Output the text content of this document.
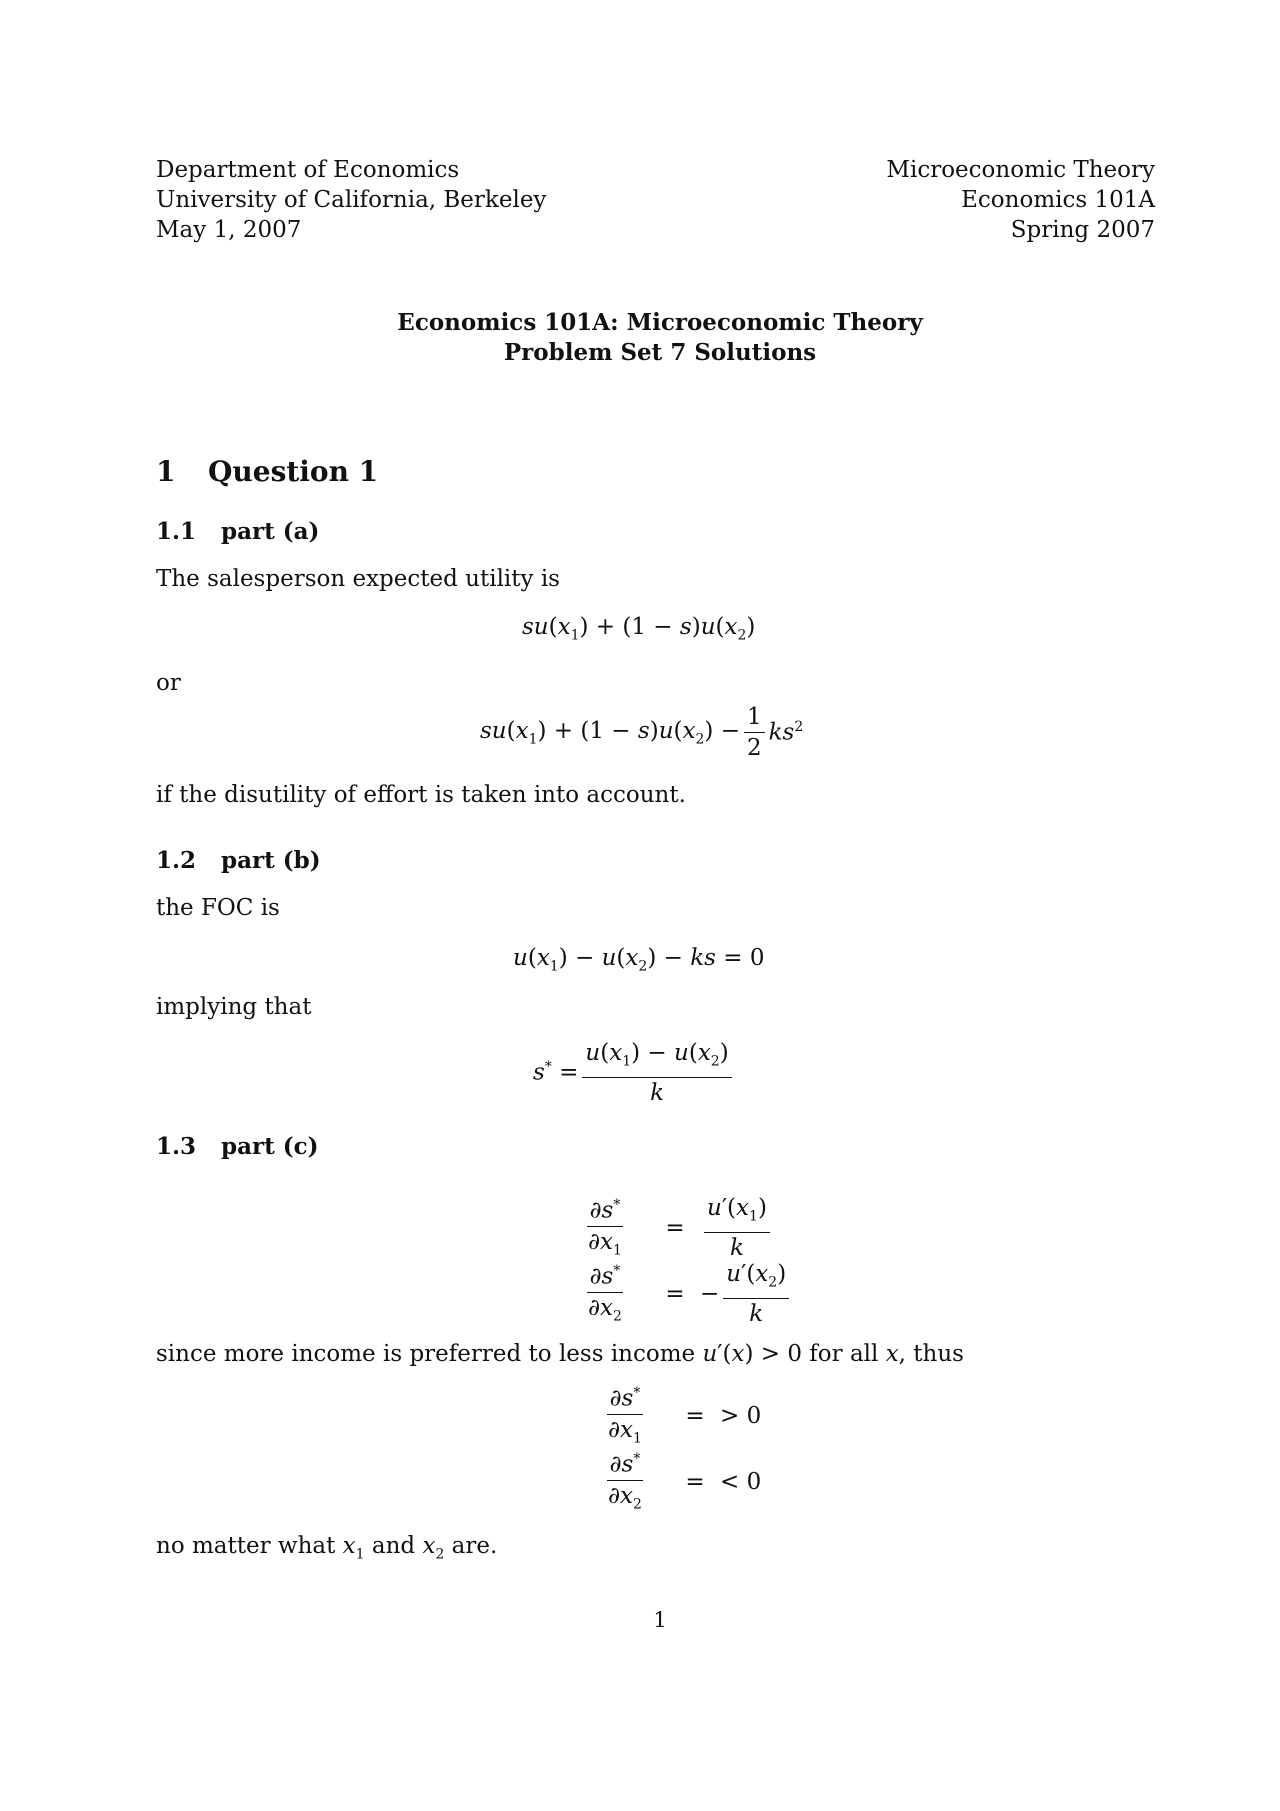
Department of Economics
University of California, Berkeley
May 1, 2007
Microeconomic Theory
Economics 101A
Spring 2007
Economics 101A: Microeconomic Theory
Problem Set 7 Solutions
1 Question 1
1.1 part (a)
The salesperson expected utility is
$su(x_1) + (1 - s)u(x_2)$
or
$su(x_1) + (1 - s)u(x_2) - \frac{1}{2} ks^2$
if the disutility of effort is taken into account.
1.2 part (b)
the FOC is
$u(x_1) - u(x_2)$ − ks = 0
implying that
$s^* = \frac{u(x_1) - u(x_2)}{k}$
1.3 part (c)
$\frac{\partial s^*}{\partial x_1}$	= $\frac{u'(x_1)}{k}$
$\frac{\partial s^*}{\partial x_2}$	= − $\frac{u'(x_2)}{k}$
since more income is preferred to less income u′(x) > 0 for all x, thus
$\frac{\partial s^*}{\partial x_1}$	= > 0
$\frac{\partial s^*}{\partial x_2}$	= < 0
no matter what $x_1$ and $x_2$ are.
1
